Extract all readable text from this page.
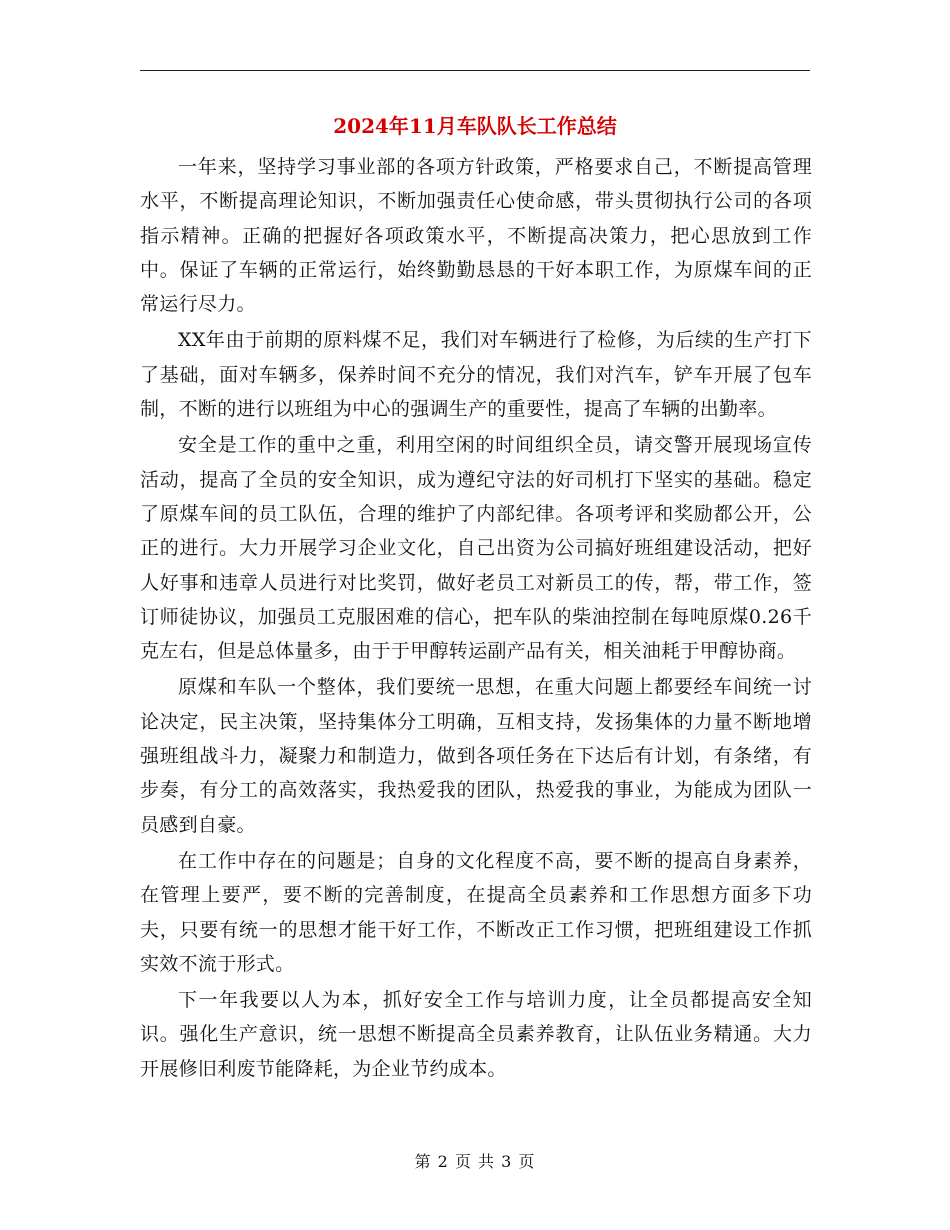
2024年11月车队队长工作总结

一年来，坚持学习事业部的各项方针政策，严格要求自己，不断提高管理水平，不断提高理论知识，不断加强责任心使命感，带头贯彻执行公司的各项指示精神。正确的把握好各项政策水平，不断提高决策力，把心思放到工作中。保证了车辆的正常运行，始终勤勤恳恳的干好本职工作，为原煤车间的正常运行尽力。

XX年由于前期的原料煤不足，我们对车辆进行了检修，为后续的生产打下了基础，面对车辆多，保养时间不充分的情况，我们对汽车，铲车开展了包车制，不断的进行以班组为中心的强调生产的重要性，提高了车辆的出勤率。

安全是工作的重中之重，利用空闲的时间组织全员，请交警开展现场宣传活动，提高了全员的安全知识，成为遵纪守法的好司机打下坚实的基础。稳定了原煤车间的员工队伍，合理的维护了内部纪律。各项考评和奖励都公开，公正的进行。大力开展学习企业文化，自己出资为公司搞好班组建设活动，把好人好事和违章人员进行对比奖罚，做好老员工对新员工的传，帮，带工作，签订师徒协议，加强员工克服困难的信心，把车队的柴油控制在每吨原煤0.26千克左右，但是总体量多，由于于甲醇转运副产品有关，相关油耗于甲醇协商。

原煤和车队一个整体，我们要统一思想，在重大问题上都要经车间统一讨论决定，民主决策，坚持集体分工明确，互相支持，发扬集体的力量不断地增强班组战斗力，凝聚力和制造力，做到各项任务在下达后有计划，有条绪，有步奏，有分工的高效落实，我热爱我的团队，热爱我的事业，为能成为团队一员感到自豪。

在工作中存在的问题是；自身的文化程度不高，要不断的提高自身素养，在管理上要严，要不断的完善制度，在提高全员素养和工作思想方面多下功夫，只要有统一的思想才能干好工作，不断改正工作习惯，把班组建设工作抓实效不流于形式。

下一年我要以人为本，抓好安全工作与培训力度，让全员都提高安全知识。强化生产意识，统一思想不断提高全员素养教育，让队伍业务精通。大力开展修旧利废节能降耗，为企业节约成本。

第 2 页 共 3 页
